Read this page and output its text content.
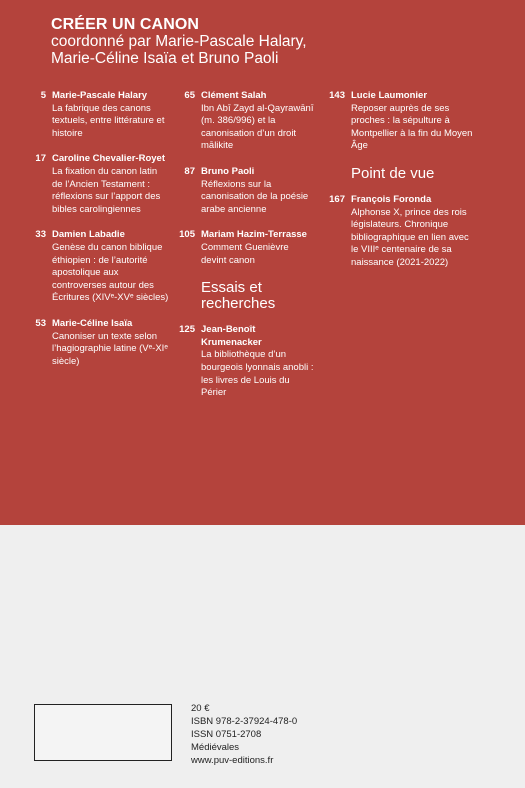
CRÉER UN CANON
coordonné par Marie-Pascale Halary,
Marie-Céline Isaïa et Bruno Paoli
5 Marie-Pascale Halary
La fabrique des canons textuels, entre littérature et histoire
17 Caroline Chevalier-Royet
La fixation du canon latin de l’Ancien Testament : réflexions sur l’apport des bibles carolingiennes
33 Damien Labadie
Genèse du canon biblique éthiopien : de l’autorité apostolique aux controverses autour des Écritures (XIVᵉ-XVᵉ siècles)
53 Marie-Céline Isaïa
Canoniser un texte selon l’hagiographie latine (Vᵉ-XIᵉ siècle)
65 Clément Salah
Ibn Abī Zayd al-Qayrawānī (m. 386/996) et la canonisation d’un droit mālikite
87 Bruno Paoli
Réflexions sur la canonisation de la poésie arabe ancienne
105 Mariam Hazim-Terrasse
Comment Guenièvre devint canon
Essais et recherches
125 Jean-Benoît Krumenacker
La bibliothèque d’un bourgeois lyonnais anobli : les livres de Louis du Périer
143 Lucie Laumonier
Reposer auprès de ses proches : la sépulture à Montpellier à la fin du Moyen Âge
Point de vue
167 François Foronda
Alphonse X, prince des rois législateurs. Chronique bibliographique en lien avec le VIIIᵉ centenaire de sa naissance (2021-2022)
20 €
ISBN 978-2-37924-478-0
ISSN 0751-2708
Médiévales
www.puv-editions.fr
